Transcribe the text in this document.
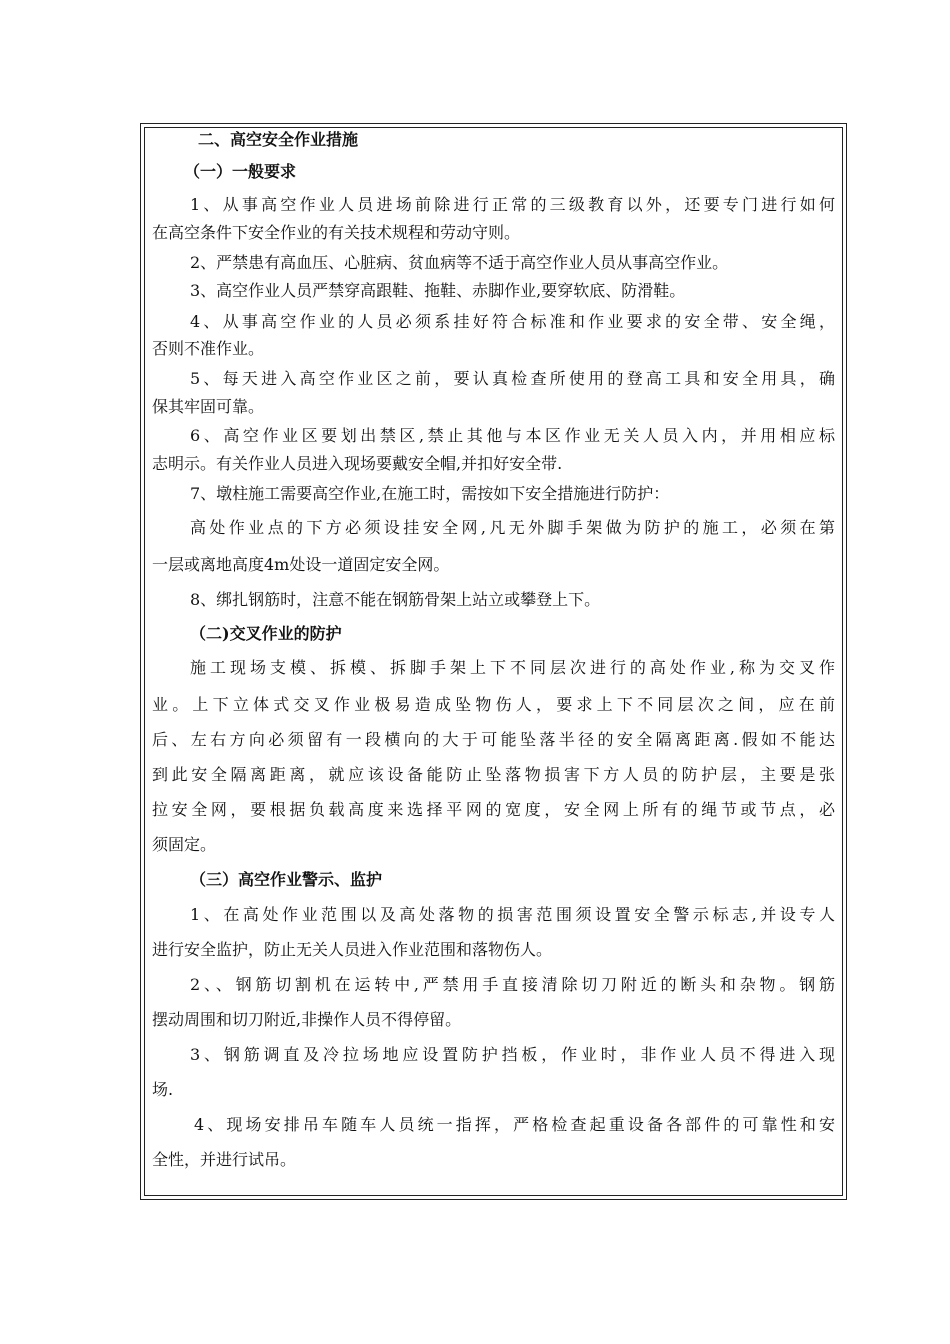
二、高空安全作业措施
（一）一般要求
1、从事高空作业人员进场前除进行正常的三级教育以外，还要专门进行如何
在高空条件下安全作业的有关技术规程和劳动守则。
2、严禁患有高血压、心脏病、贫血病等不适于高空作业人员从事高空作业。
3、高空作业人员严禁穿高跟鞋、拖鞋、赤脚作业,要穿软底、防滑鞋。
4、从事高空作业的人员必须系挂好符合标准和作业要求的安全带、安全绳，
否则不准作业。
5、每天进入高空作业区之前，要认真检查所使用的登高工具和安全用具，确
保其牢固可靠。
6、高空作业区要划出禁区,禁止其他与本区作业无关人员入内，并用相应标
志明示。有关作业人员进入现场要戴安全帽,并扣好安全带.
7、墩柱施工需要高空作业,在施工时，需按如下安全措施进行防护：
高处作业点的下方必须设挂安全网,凡无外脚手架做为防护的施工，必须在第
一层或离地高度4m处设一道固定安全网。
8、绑扎钢筋时，注意不能在钢筋骨架上站立或攀登上下。
（二)交叉作业的防护
施工现场支模、拆模、拆脚手架上下不同层次进行的高处作业,称为交叉作
业。上下立体式交叉作业极易造成坠物伤人，要求上下不同层次之间，应在前
后、左右方向必须留有一段横向的大于可能坠落半径的安全隔离距离.假如不能达
到此安全隔离距离，就应该设备能防止坠落物损害下方人员的防护层，主要是张
拉安全网，要根据负载高度来选择平网的宽度，安全网上所有的绳节或节点，必
须固定。
（三）高空作业警示、监护
1、在高处作业范围以及高处落物的损害范围须设置安全警示标志,并设专人
进行安全监护，防止无关人员进入作业范围和落物伤人。
2、、钢筋切割机在运转中,严禁用手直接清除切刀附近的断头和杂物。钢筋
摆动周围和切刀附近,非操作人员不得停留。
3、钢筋调直及冷拉场地应设置防护挡板，作业时，非作业人员不得进入现
场.
4、现场安排吊车随车人员统一指挥，严格检查起重设备各部件的可靠性和安
全性，并进行试吊。
